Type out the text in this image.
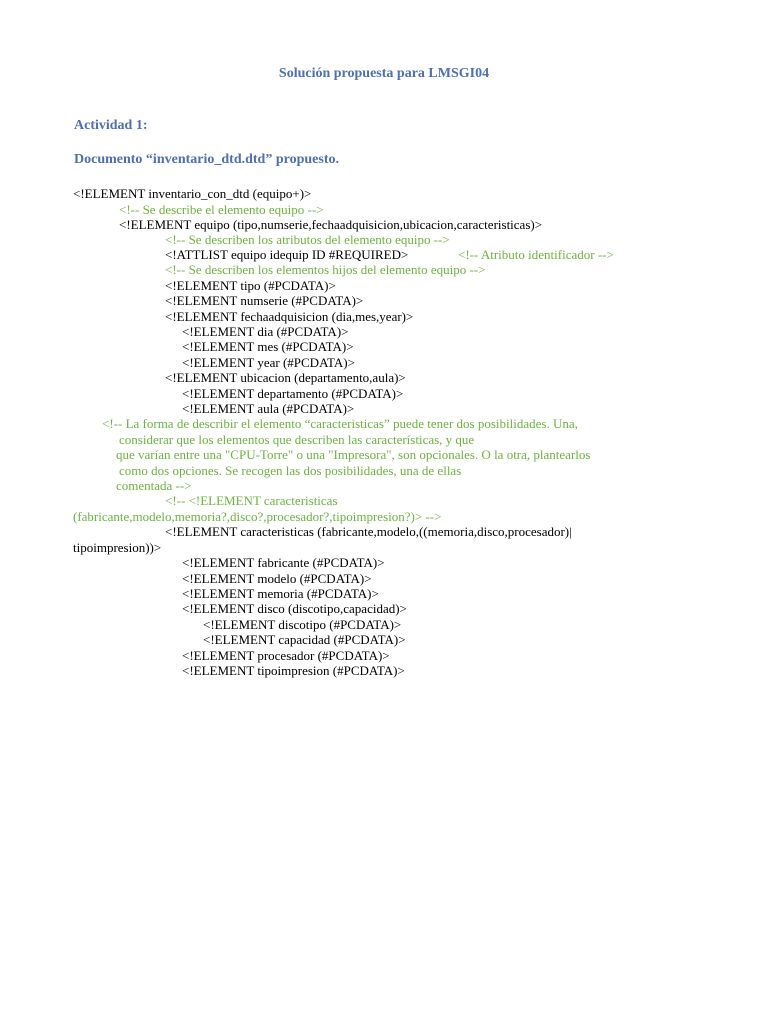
Solución propuesta para LMSGI04
Actividad 1:
Documento “inventario_dtd.dtd” propuesto.
<!ELEMENT inventario_con_dtd (equipo+)>
<!-- Se describe el elemento equipo -->
<!ELEMENT equipo (tipo,numserie,fechaadquisicion,ubicacion,caracteristicas)>
<!-- Se describen los atributos del elemento equipo -->
<!ATTLIST equipo idequip ID #REQUIRED>	<!-- Atributo identificador -->
<!-- Se describen los elementos hijos del elemento equipo -->
<!ELEMENT tipo (#PCDATA)>
<!ELEMENT numserie (#PCDATA)>
<!ELEMENT fechaadquisicion (dia,mes,year)>
<!ELEMENT dia (#PCDATA)>
<!ELEMENT mes (#PCDATA)>
<!ELEMENT year (#PCDATA)>
<!ELEMENT ubicacion (departamento,aula)>
<!ELEMENT departamento (#PCDATA)>
<!ELEMENT aula (#PCDATA)>
<!-- La forma de describir el elemento “caracteristicas” puede tener dos posibilidades. Una,
considerar que los elementos que describen las características, y que
que varían entre una "CPU-Torre" o una "Impresora", son opcionales. O la otra, plantearlos
como dos opciones. Se recogen las dos posibilidades, una de ellas
comentada -->
<!-- <!ELEMENT caracteristicas
(fabricante,modelo,memoria?,disco?,procesador?,tipoimpresion?)> -->
<!ELEMENT caracteristicas (fabricante,modelo,((memoria,disco,procesador)|
tipoimpresion))>
<!ELEMENT fabricante (#PCDATA)>
<!ELEMENT modelo (#PCDATA)>
<!ELEMENT memoria (#PCDATA)>
<!ELEMENT disco (discotipo,capacidad)>
<!ELEMENT discotipo (#PCDATA)>
<!ELEMENT capacidad (#PCDATA)>
<!ELEMENT procesador (#PCDATA)>
<!ELEMENT tipoimpresion (#PCDATA)>
